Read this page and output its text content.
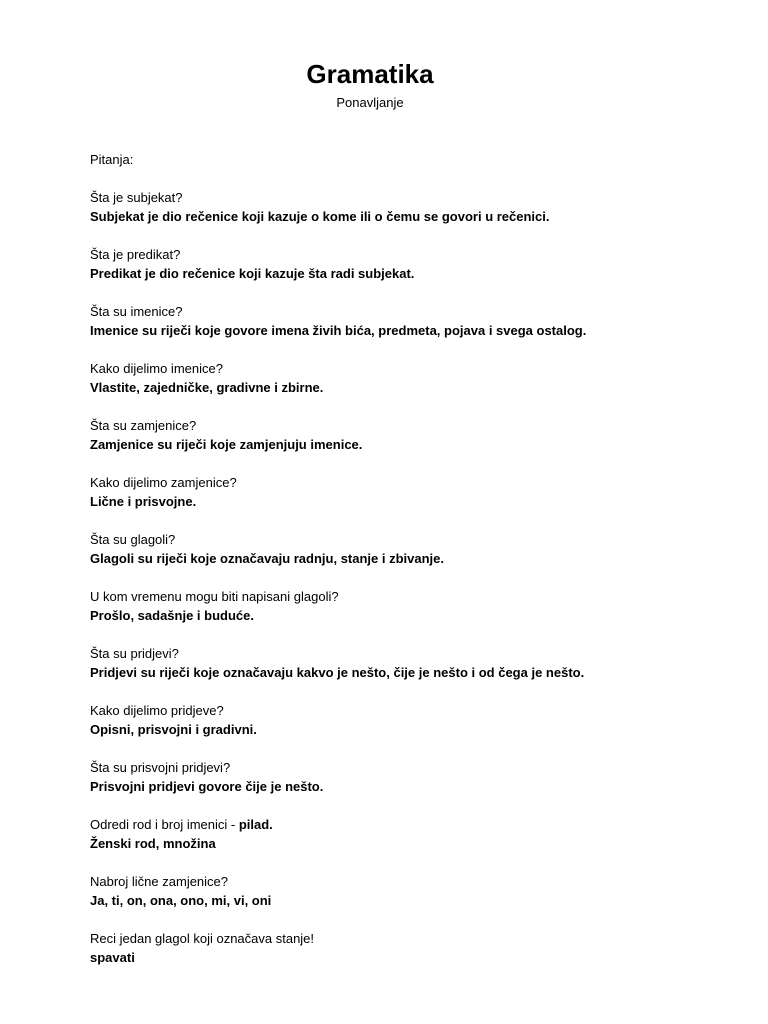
Gramatika
Ponavljanje
Pitanja:
Šta je subjekat?
Subjekat je dio rečenice koji kazuje o kome ili o čemu se govori u rečenici.
Šta je predikat?
Predikat je dio rečenice koji kazuje šta radi subjekat.
Šta su imenice?
Imenice su riječi koje govore imena živih bića, predmeta, pojava i svega ostalog.
Kako dijelimo imenice?
Vlastite, zajedničke, gradivne i zbirne.
Šta su zamjenice?
Zamjenice su riječi koje zamjenjuju imenice.
Kako dijelimo zamjenice?
Lične i prisvojne.
Šta su glagoli?
Glagoli su riječi koje označavaju radnju, stanje i zbivanje.
U kom vremenu mogu biti napisani glagoli?
Prošlo, sadašnje i buduće.
Šta su pridjevi?
Pridjevi su riječi koje označavaju kakvo je nešto, čije je nešto i od čega je nešto.
Kako dijelimo pridjeve?
Opisni, prisvojni i gradivni.
Šta su prisvojni pridjevi?
Prisvojni pridjevi govore čije je nešto.
Odredi rod i broj imenici - pilad.
Ženski rod, množina
Nabroj lične zamjenice?
Ja, ti, on, ona, ono, mi, vi, oni
Reci jedan glagol koji označava stanje!
spavati
